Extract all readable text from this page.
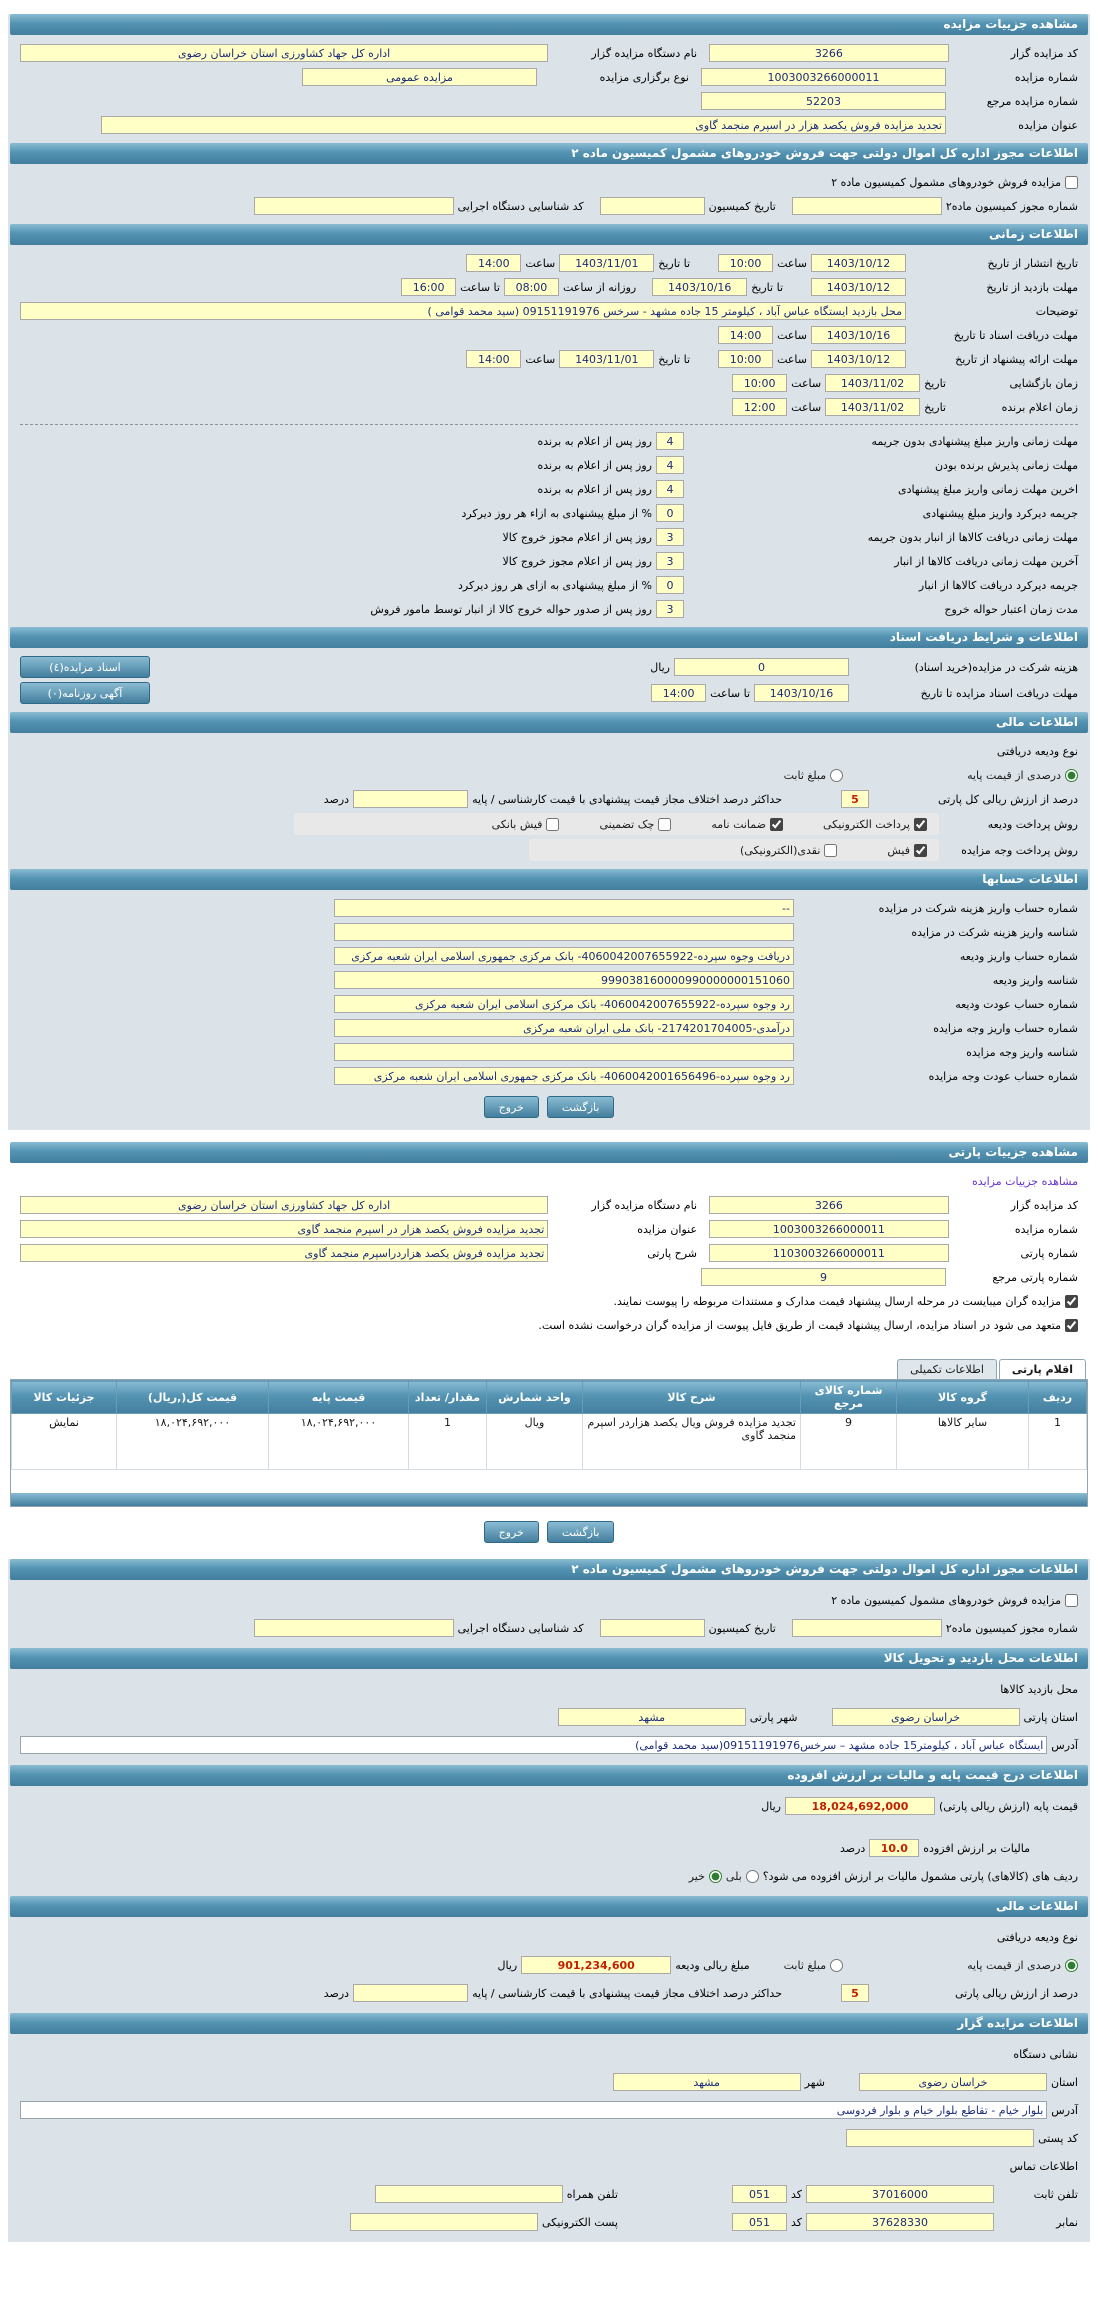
مشاهده جزییات مزایده
کد مزایده گزار
3266
نام دستگاه مزایده گزار
اداره کل جهاد کشاورزی استان خراسان رضوی
شماره مزایده
1003003266000011
نوع برگزاری مزایده
مزایده عمومی
شماره مزایده مرجع
52203
عنوان مزایده
تجدید مزایده فروش یکصد هزار در اسپرم منجمد گاوی
اطلاعات مجوز اداره کل اموال دولتی جهت فروش خودروهای مشمول کمیسیون ماده ۲
مزایده فروش خودروهای مشمول کمیسیون ماده ۲
شماره مجوز کمیسیون ماده۲
تاریخ کمیسیون
کد شناسایی دستگاه اجرایی
اطلاعات زمانی
تاریخ انتشار از تاریخ
1403/10/12
ساعت
10:00
تا تاریخ
1403/11/01
ساعت
14:00
مهلت بازدید از تاریخ
1403/10/12
تا تاریخ
1403/10/16
روزانه از ساعت
08:00
تا ساعت
16:00
توضیحات
محل بازدید ایستگاه عباس آباد ، کیلومتر 15 جاده مشهد - سرخس 09151191976 (سید محمد قوامی )
مهلت دریافت اسناد تا تاریخ
1403/10/16
ساعت
14:00
مهلت ارائه پیشنهاد از تاریخ
1403/10/12
ساعت
10:00
تا تاریخ
1403/11/01
ساعت
14:00
زمان بازگشایی
تاریخ
1403/11/02
ساعت
10:00
زمان اعلام برنده
تاریخ
1403/11/02
ساعت
12:00
مهلت زمانی واریز مبلغ پیشنهادی بدون جریمه
4
روز پس از اعلام به برنده
مهلت زمانی پذیرش برنده بودن
4
روز پس از اعلام به برنده
اخرین مهلت زمانی واریز مبلغ پیشنهادی
4
روز پس از اعلام به برنده
جریمه دیرکرد واریز مبلغ پیشنهادی
0
% از مبلغ پیشنهادی به ازاء هر روز دیرکرد
مهلت زمانی دریافت کالاها از انبار بدون جریمه
3
روز پس از اعلام مجوز خروج کالا
آخرین مهلت زمانی دریافت کالاها از انبار
3
روز پس از اعلام مجوز خروج کالا
جریمه دیرکرد دریافت کالاها از انبار
0
% از مبلغ پیشنهادی به ازای هر روز دیرکرد
مدت زمان اعتبار حواله خروج
3
روز پس از صدور حواله خروج کالا از انبار توسط مامور فروش
اطلاعات و شرایط دریافت اسناد
هزینه شرکت در مزایده(خرید اسناد)
0
ریال
اسناد مزایده(٤)
مهلت دریافت اسناد مزایده تا تاریخ
1403/10/16
تا ساعت
14:00
آگهی روزنامه(٠)
اطلاعات مالی
نوع ودیعه دریافتی
درصدی از قیمت پایه
مبلغ ثابت
درصد از ارزش ریالی کل پارتی
5
حداکثر درصد اختلاف مجاز قیمت پیشنهادی با قیمت کارشناسی / پایه
درصد
روش پرداخت ودیعه
پرداخت الکترونیکی
ضمانت نامه
چک تضمینی
فیش بانکی
روش پرداخت وجه مزایده
فیش
نقدی(الکترونیکی)
اطلاعات حسابها
شماره حساب واریز هزینه شرکت در مزایده
--
شناسه واریز هزینه شرکت در مزایده
شماره حساب واریز ودیعه
دریافت وجوه سپرده-4060042007655922- بانک مرکزی جمهوری اسلامی ایران شعبه مرکزی
شناسه واریز ودیعه
999038160000990000000151060
شماره حساب عودت ودیعه
رد وجوه سپرده-4060042007655922- بانک مرکزی اسلامی ایران شعبه مرکزی
شماره حساب واریز وجه مزایده
درآمدی-2174201704005- بانک ملی ایران شعبه مرکزی
شناسه واریز وجه مزایده
شماره حساب عودت وجه مزایده
رد وجوه سپرده-4060042001656496- بانک مرکزی جمهوری اسلامی ایران شعبه مرکزی
بازگشت
خروج
مشاهده جزییات پارتی
مشاهده جزییات مزایده
کد مزایده گزار
3266
نام دستگاه مزایده گزار
اداره کل جهاد کشاورزی استان خراسان رضوی
شماره مزایده
1003003266000011
عنوان مزایده
تجدید مزایده فروش یکصد هزار در اسپرم منجمد گاوی
شماره پارتی
1103003266000011
شرح پارتی
تجدید مزایده فروش یکصد هزاردراسپرم منجمد گاوی
شماره پارتی مرجع
9
مزایده گران میبایست در مرحله ارسال پیشنهاد قیمت مدارک و مستندات مربوطه را پیوست نمایند.
متعهد می شود در اسناد مزایده، ارسال پیشنهاد قیمت از طریق فایل پیوست از مزایده گران درخواست نشده است.
اقلام پارتی
اطلاعات تکمیلی
ردیف	گروه کالا	شماره کالای مرجع	شرح کالا	واحد شمارش	مقدار/ تعداد	قیمت پایه	قیمت کل(,ریال)	جزئیات کالا
1	سایر کالاها	9	تجدید مزایده فروش ویال یکصد هزاردر اسپرم منجمد گاوی	ویال	1	۱۸,۰۲۴,۶۹۲,۰۰۰	۱۸,۰۲۴,۶۹۲,۰۰۰	نمایش
بازگشت
خروج
اطلاعات مجوز اداره کل اموال دولتی جهت فروش خودروهای مشمول کمیسیون ماده ۲
مزایده فروش خودروهای مشمول کمیسیون ماده ۲
شماره مجوز کمیسیون ماده۲
تاریخ کمیسیون
کد شناسایی دستگاه اجرایی
اطلاعات محل بازدید و تحویل کالا
محل بازدید کالاها
استان پارتی
خراسان رضوی
شهر پارتی
مشهد
آدرس
ایستگاه عباس آباد ، کیلومتر15 جاده مشهد – سرخس09151191976(سید محمد قوامی)
اطلاعات درج قیمت پایه و مالیات بر ارزش افزوده
قیمت پایه (ارزش ریالی پارتی)
18,024,692,000
ریال
مالیات بر ارزش افزوده
10.0
درصد
ردیف های (کالاهای) پارتی مشمول مالیات بر ارزش افزوده می شود؟
بلی
خیر
اطلاعات مالی
نوع ودیعه دریافتی
درصدی از قیمت پایه
مبلغ ثابت
مبلغ ریالی ودیعه
901,234,600
ریال
درصد از ارزش ریالی پارتی
5
حداکثر درصد اختلاف مجاز قیمت پیشنهادی با قیمت کارشناسی / پایه
درصد
اطلاعات مزایده گزار
نشانی دستگاه
استان
خراسان رضوی
شهر
مشهد
آدرس
بلوار خیام - تقاطع بلوار خیام و بلوار فردوسی
کد پستی
اطلاعات تماس
تلفن ثابت
37016000
کد
051
تلفن همراه
نمابر
37628330
کد
051
پست الکترونیکی
